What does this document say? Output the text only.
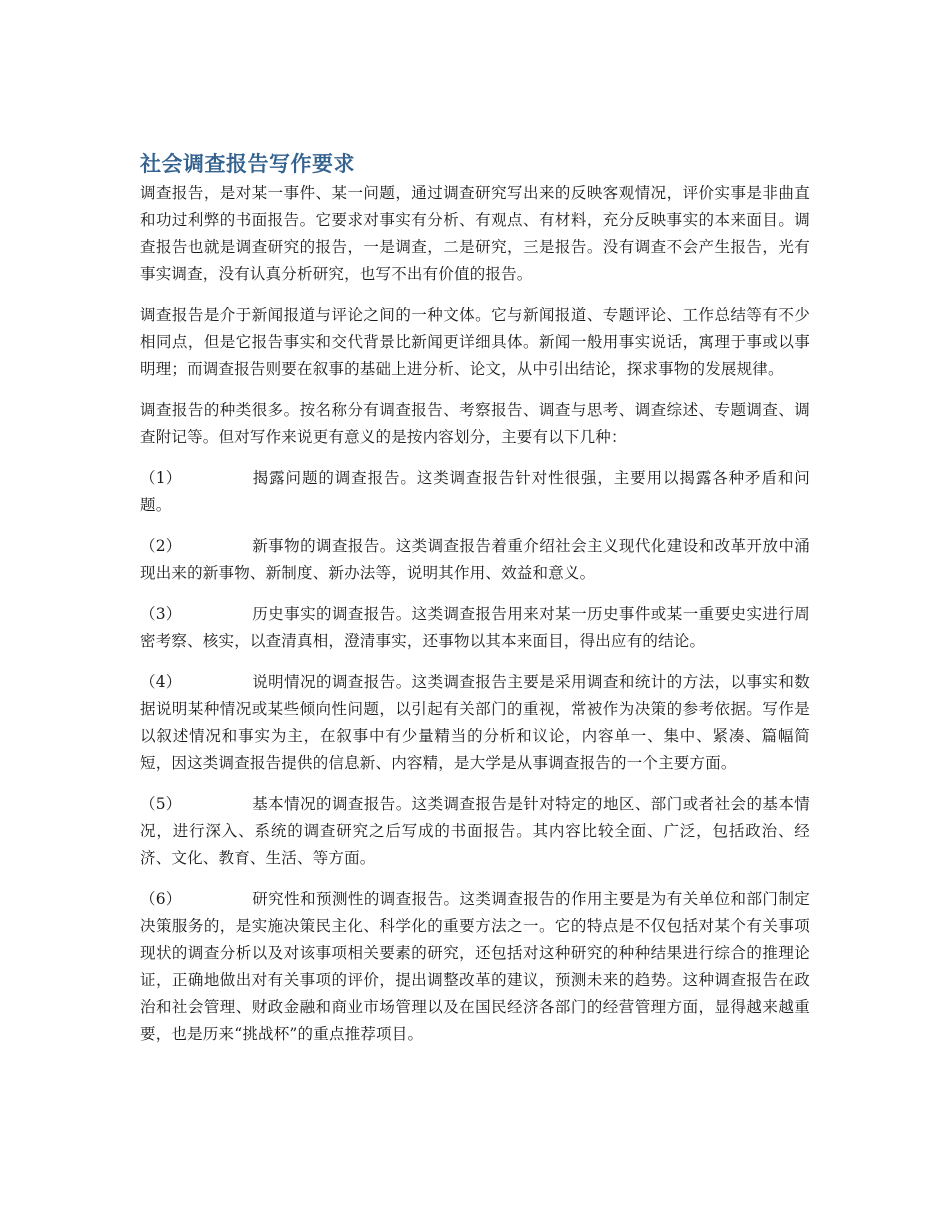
社会调查报告写作要求

调查报告，是对某一事件、某一问题，通过调查研究写出来的反映客观情况，评价实事是非曲直和功过利弊的书面报告。它要求对事实有分析、有观点、有材料，充分反映事实的本来面目。调查报告也就是调查研究的报告，一是调查，二是研究，三是报告。没有调查不会产生报告，光有事实调查，没有认真分析研究，也写不出有价值的报告。

调查报告是介于新闻报道与评论之间的一种文体。它与新闻报道、专题评论、工作总结等有不少相同点，但是它报告事实和交代背景比新闻更详细具体。新闻一般用事实说话，寓理于事或以事明理；而调查报告则要在叙事的基础上进分析、论文，从中引出结论，探求事物的发展规律。

调查报告的种类很多。按名称分有调查报告、考察报告、调查与思考、调查综述、专题调查、调查附记等。但对写作来说更有意义的是按内容划分，主要有以下几种：

（1）	揭露问题的调查报告。这类调查报告针对性很强，主要用以揭露各种矛盾和问题。

（2）	新事物的调查报告。这类调查报告着重介绍社会主义现代化建设和改革开放中涌现出来的新事物、新制度、新办法等，说明其作用、效益和意义。

（3）	历史事实的调查报告。这类调查报告用来对某一历史事件或某一重要史实进行周密考察、核实，以查清真相，澄清事实，还事物以其本来面目，得出应有的结论。

（4）	说明情况的调查报告。这类调查报告主要是采用调查和统计的方法，以事实和数据说明某种情况或某些倾向性问题，以引起有关部门的重视，常被作为决策的参考依据。写作是以叙述情况和事实为主，在叙事中有少量精当的分析和议论，内容单一、集中、紧凑、篇幅简短，因这类调查报告提供的信息新、内容精，是大学是从事调查报告的一个主要方面。

（5）	基本情况的调查报告。这类调查报告是针对特定的地区、部门或者社会的基本情况，进行深入、系统的调查研究之后写成的书面报告。其内容比较全面、广泛，包括政治、经济、文化、教育、生活、等方面。

（6）	研究性和预测性的调查报告。这类调查报告的作用主要是为有关单位和部门制定决策服务的，是实施决策民主化、科学化的重要方法之一。它的特点是不仅包括对某个有关事项现状的调查分析以及对该事项相关要素的研究，还包括对这种研究的种种结果进行综合的推理论证，正确地做出对有关事项的评价，提出调整改革的建议，预测未来的趋势。这种调查报告在政治和社会管理、财政金融和商业市场管理以及在国民经济各部门的经营管理方面，显得越来越重要，也是历来“挑战杯”的重点推荐项目。
